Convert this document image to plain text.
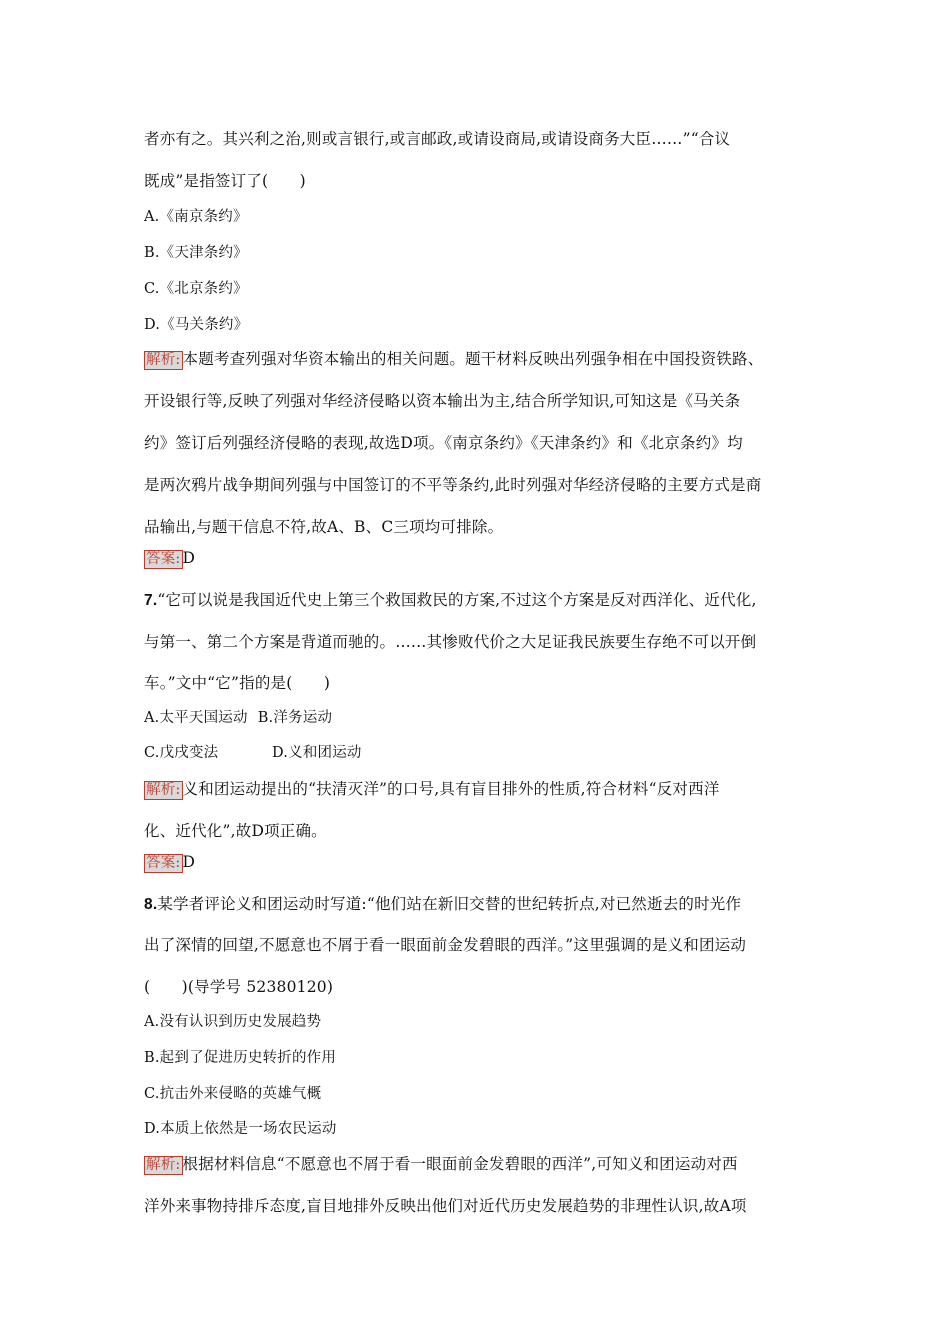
者亦有之。其兴利之治,则或言银行,或言邮政,或请设商局,或请设商务大臣……”“合议
既成”是指签订了(　　)
A.《南京条约》
B.《天津条约》
C.《北京条约》
D.《马关条约》
解析: 本题考查列强对华资本输出的相关问题。题干材料反映出列强争相在中国投资铁路、
开设银行等,反映了列强对华经济侵略以资本输出为主,结合所学知识,可知这是《马关条
约》签订后列强经济侵略的表现,故选D项。《南京条约》《天津条约》和《北京条约》均
是两次鸦片战争期间列强与中国签订的不平等条约,此时列强对华经济侵略的主要方式是商
品输出,与题干信息不符,故A、B、C三项均可排除。
答案: D
7.“它可以说是我国近代史上第三个救国救民的方案,不过这个方案是反对西洋化、近代化,
与第一、第二个方案是背道而驰的。……其惨败代价之大足证我民族要生存绝不可以开倒
车。”文中“它”指的是(　　)
A.太平天国运动 B.洋务运动
C.戊戌变法	D.义和团运动
解析: 义和团运动提出的“扶清灭洋”的口号,具有盲目排外的性质,符合材料“反对西洋
化、近代化”,故D项正确。
答案: D
8.某学者评论义和团运动时写道:“他们站在新旧交替的世纪转折点,对已然逝去的时光作
出了深情的回望,不愿意也不屑于看一眼面前金发碧眼的西洋。”这里强调的是义和团运动
(　　)(导学号 52380120)
A.没有认识到历史发展趋势
B.起到了促进历史转折的作用
C.抗击外来侵略的英雄气概
D.本质上依然是一场农民运动
解析: 根据材料信息“不愿意也不屑于看一眼面前金发碧眼的西洋”,可知义和团运动对西
洋外来事物持排斥态度,盲目地排外反映出他们对近代历史发展趋势的非理性认识,故A项
